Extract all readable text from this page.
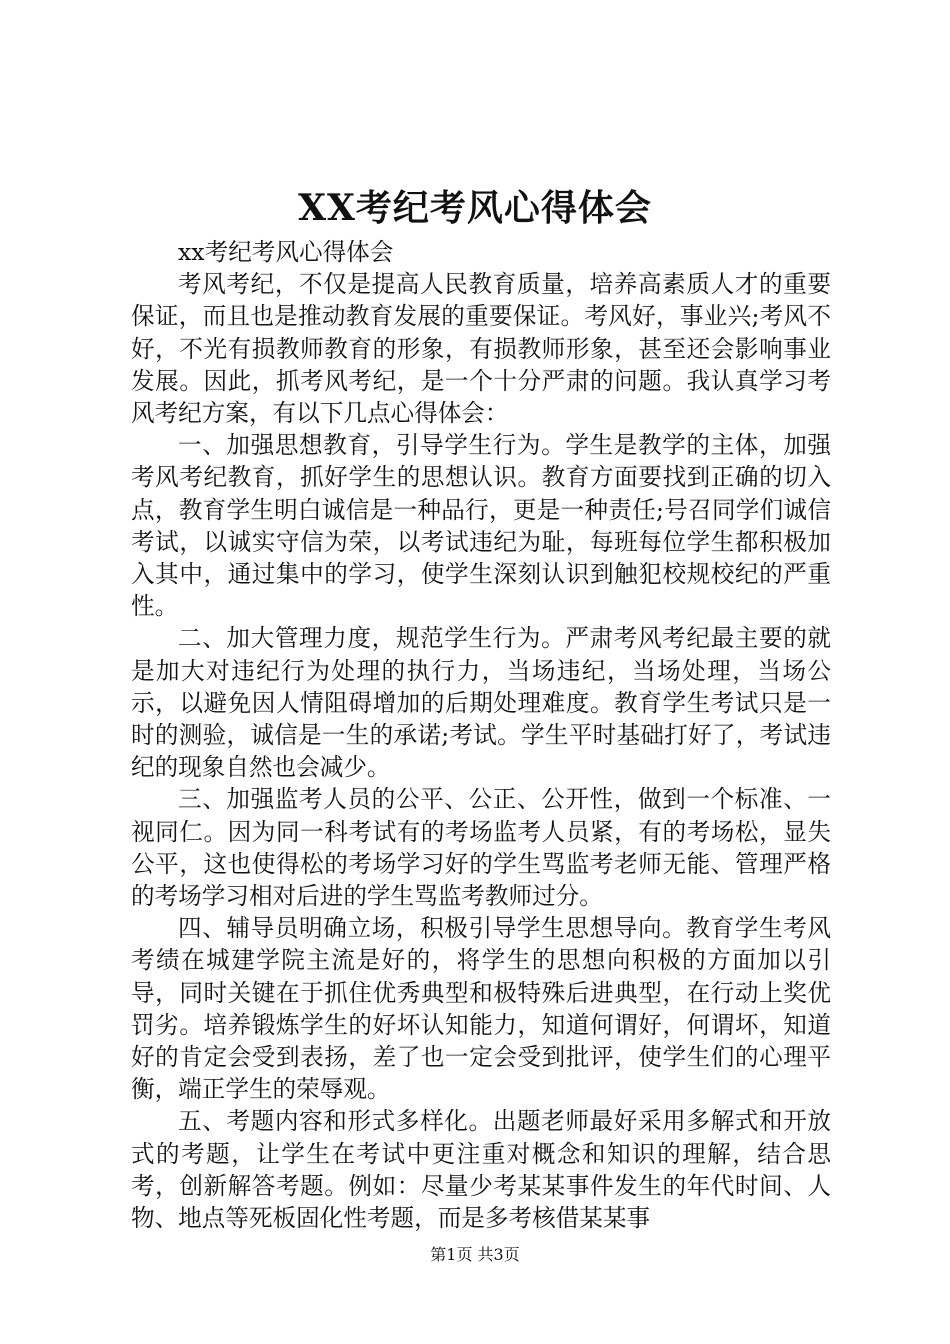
XX考纪考风心得体会

xx考纪考风心得体会

考风考纪，不仅是提高人民教育质量，培养高素质人才的重要保证，而且也是推动教育发展的重要保证。考风好，事业兴;考风不好，不光有损教师教育的形象，有损教师形象，甚至还会影响事业发展。因此，抓考风考纪，是一个十分严肃的问题。我认真学习考风考纪方案，有以下几点心得体会：

一、加强思想教育，引导学生行为。学生是教学的主体，加强考风考纪教育，抓好学生的思想认识。教育方面要找到正确的切入点，教育学生明白诚信是一种品行，更是一种责任;号召同学们诚信考试，以诚实守信为荣，以考试违纪为耻，每班每位学生都积极加入其中，通过集中的学习，使学生深刻认识到触犯校规校纪的严重性。

二、加大管理力度，规范学生行为。严肃考风考纪最主要的就是加大对违纪行为处理的执行力，当场违纪，当场处理，当场公示，以避免因人情阻碍增加的后期处理难度。教育学生考试只是一时的测验，诚信是一生的承诺;考试。学生平时基础打好了，考试违纪的现象自然也会减少。

三、加强监考人员的公平、公正、公开性，做到一个标准、一视同仁。因为同一科考试有的考场监考人员紧，有的考场松，显失公平，这也使得松的考场学习好的学生骂监考老师无能、管理严格的考场学习相对后进的学生骂监考教师过分。

四、辅导员明确立场，积极引导学生思想导向。教育学生考风考绩在城建学院主流是好的，将学生的思想向积极的方面加以引导，同时关键在于抓住优秀典型和极特殊后进典型，在行动上奖优罚劣。培养锻炼学生的好坏认知能力，知道何谓好，何谓坏，知道好的肯定会受到表扬，差了也一定会受到批评，使学生们的心理平衡，端正学生的荣辱观。

五、考题内容和形式多样化。出题老师最好采用多解式和开放式的考题，让学生在考试中更注重对概念和知识的理解，结合思考，创新解答考题。例如：尽量少考某某事件发生的年代时间、人物、地点等死板固化性考题，而是多考核借某某事

第1页 共3页
